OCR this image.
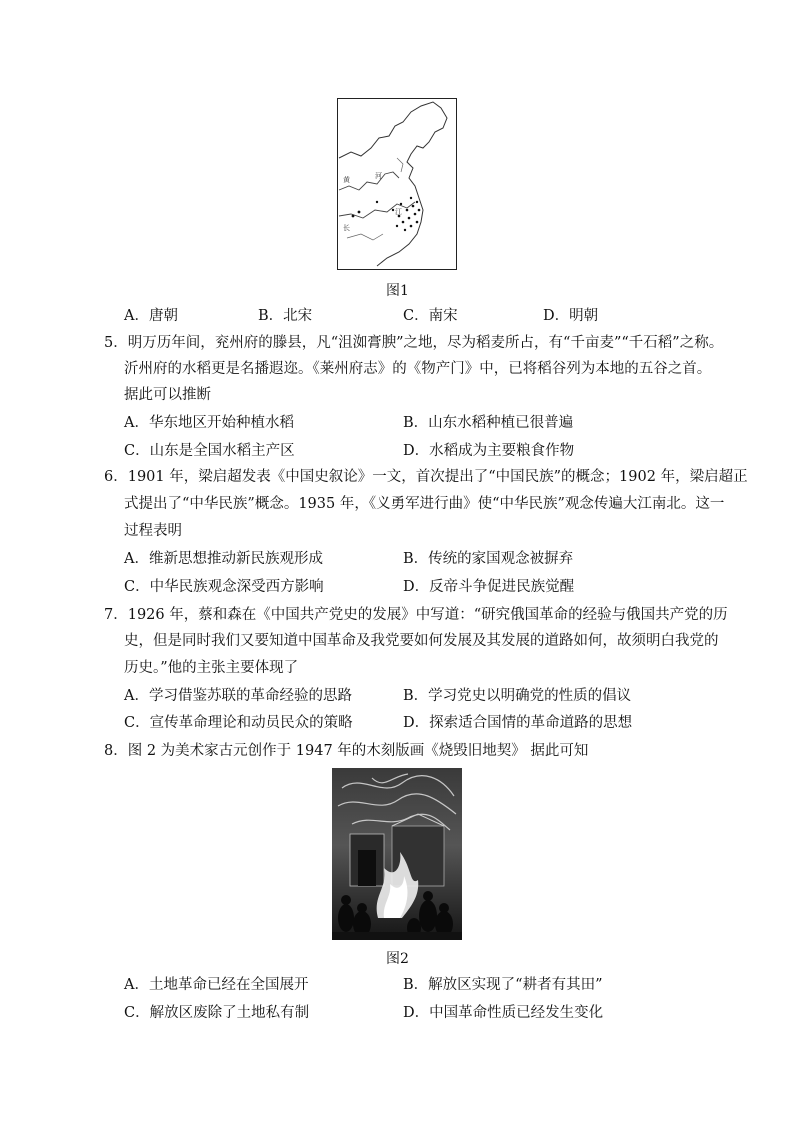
河
黄
江
长
图1
A．唐朝	B．北宋	C．南宋	D．明朝
5．明万历年间，兖州府的滕县，凡“沮洳膏腴”之地，尽为稻麦所占，有“千亩麦”“千石稻”之称。
沂州府的水稻更是名播遐迩。《莱州府志》的《物产门》中，已将稻谷列为本地的五谷之首。
据此可以推断
A．华东地区开始种植水稻	B．山东水稻种植已很普遍
C．山东是全国水稻主产区	D．水稻成为主要粮食作物
6．1901 年，梁启超发表《中国史叙论》一文，首次提出了“中国民族”的概念；1902 年，梁启超正
式提出了“中华民族”概念。1935 年，《义勇军进行曲》使“中华民族”观念传遍大江南北。这一
过程表明
A．维新思想推动新民族观形成	B．传统的家国观念被摒弃
C．中华民族观念深受西方影响	D．反帝斗争促进民族觉醒
7．1926 年，蔡和森在《中国共产党史的发展》中写道：“研究俄国革命的经验与俄国共产党的历
史，但是同时我们又要知道中国革命及我党要如何发展及其发展的道路如何，故须明白我党的
历史。”他的主张主要体现了
A．学习借鉴苏联的革命经验的思路	B．学习党史以明确党的性质的倡议
C．宣传革命理论和动员民众的策略	D．探索适合国情的革命道路的思想
8．图 2 为美术家古元创作于 1947 年的木刻版画《烧毁旧地契》 据此可知
图2
A．土地革命已经在全国展开	B．解放区实现了“耕者有其田”
C．解放区废除了土地私有制	D．中国革命性质已经发生变化
